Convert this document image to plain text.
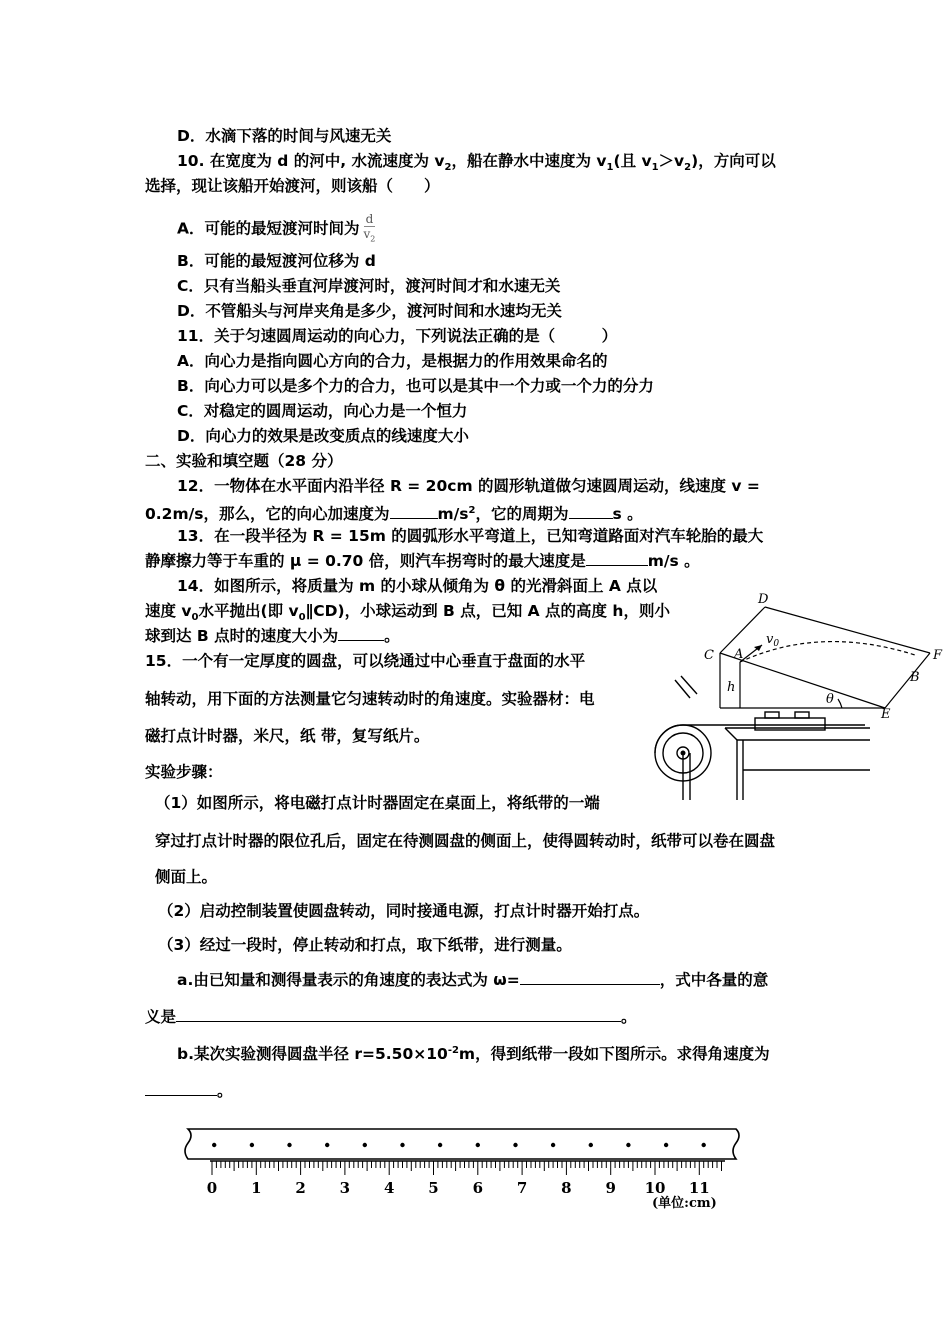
D．水滴下落的时间与风速无关
10. 在宽度为 d 的河中, 水流速度为 $v_2$，船在静水中速度为 $v_1$(且 $v_1>v_2$)，方向可以
选择，现让该船开始渡河，则该船（　　）
A．可能的最短渡河时间为 $\frac{d}{v_2}$
B．可能的最短渡河位移为 d
C．只有当船头垂直河岸渡河时，渡河时间才和水速无关
D．不管船头与河岸夹角是多少，渡河时间和水速均无关
11．关于匀速圆周运动的向心力，下列说法正确的是（　　　）
A．向心力是指向圆心方向的合力，是根据力的作用效果命名的
B．向心力可以是多个力的合力，也可以是其中一个力或一个力的分力
C．对稳定的圆周运动，向心力是一个恒力
D．向心力的效果是改变质点的线速度大小
二、实验和填空题（28 分）
12．一物体在水平面内沿半径 R = 20cm 的圆形轨道做匀速圆周运动，线速度 v =
0.2m/s，那么，它的向心加速度为	$m/s^2$，它的周期为	s 。
13．在一段半径为 R = 15m 的圆弧形水平弯道上，已知弯道路面对汽车轮胎的最大
静摩擦力等于车重的 μ = 0.70 倍，则汽车拐弯时的最大速度是	m/s 。
14．如图所示，将质量为 m 的小球从倾角为 θ 的光滑斜面上 A 点以
速度 $v_0$水平抛出(即 $v_0\parallel CD$)，小球运动到 B 点，已知 A 点的高度 h，则小
球到达 B 点时的速度大小为	。
D
C A	F
B
E
h
θ
$v_0$
15．一个有一定厚度的圆盘，可以绕通过中心垂直于盘面的水平
轴转动，用下面的方法测量它匀速转动时的角速度。实验器材：电
磁打点计时器，米尺，纸 带，复写纸片。
实验步骤：
（1）如图所示，将电磁打点计时器固定在桌面上，将纸带的一端
穿过打点计时器的限位孔后，固定在待测圆盘的侧面上，使得圆转动时，纸带可以卷在圆盘
侧面上。
（2）启动控制装置使圆盘转动，同时接通电源，打点计时器开始打点。
（3）经过一段时，停止转动和打点，取下纸带，进行测量。
a.由已知量和测得量表示的角速度的表达式为 ω=	，式中各量的意
义是	。
b.某次实验测得圆盘半径 $r=5.50\times 10^{-2}m$，得到纸带一段如下图所示。求得角速度为
。
0 1 2 3 4 5 6 7 8 9 10 11
(单位:cm)
